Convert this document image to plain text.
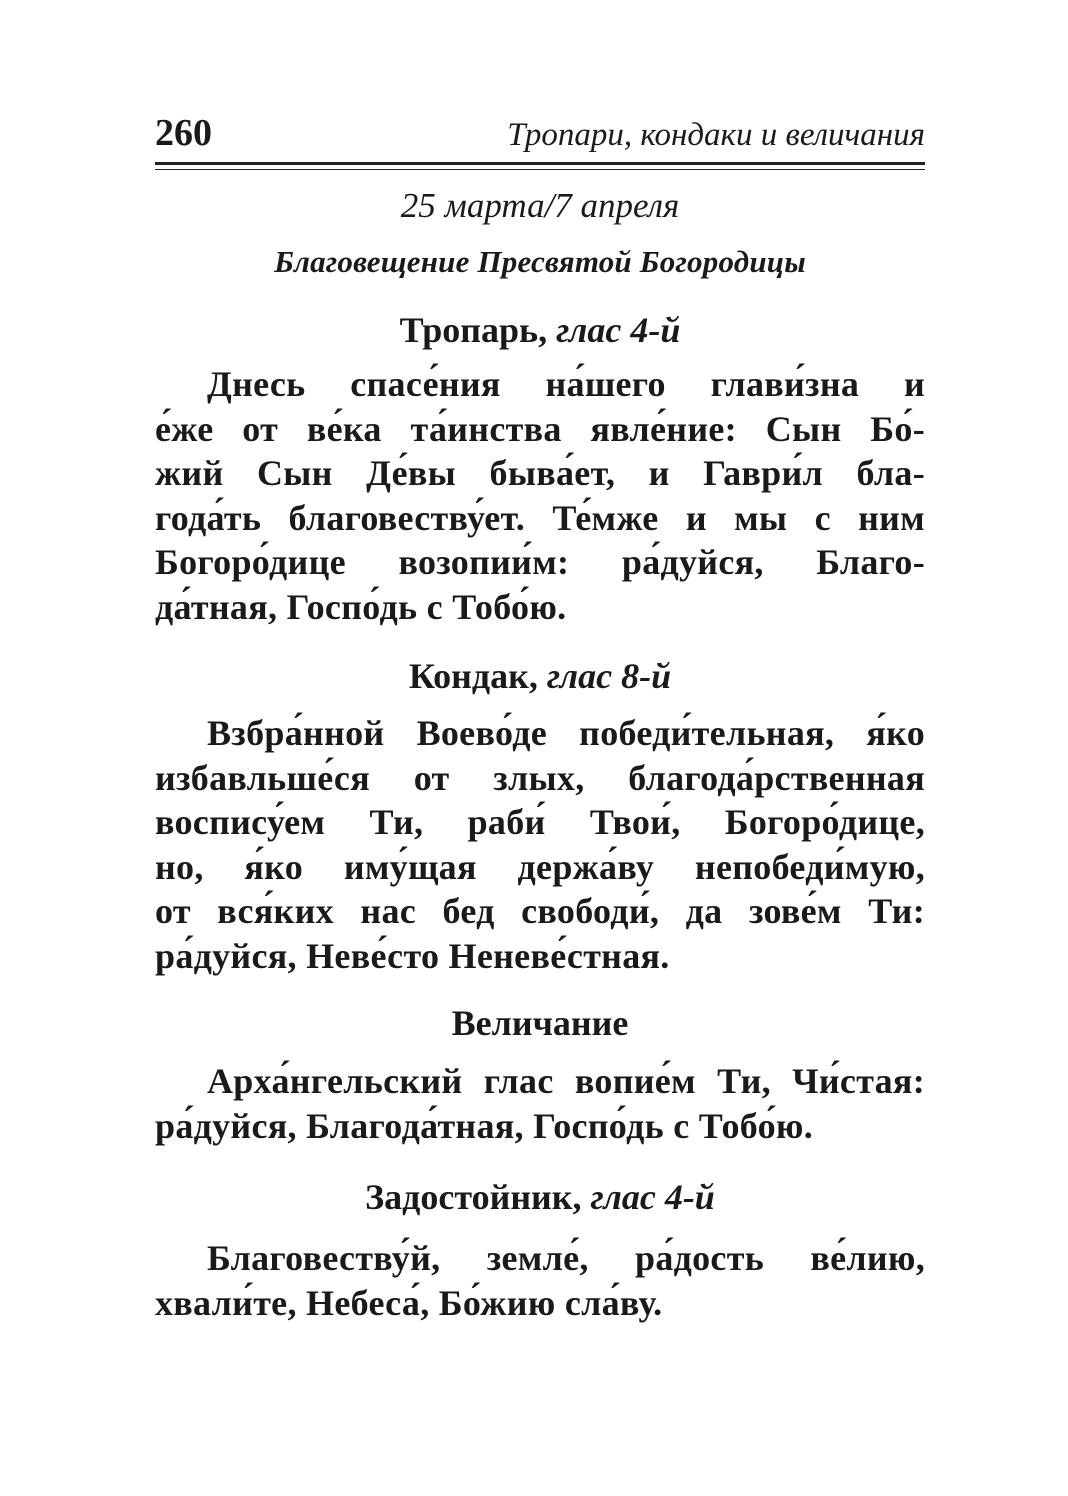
260	Тропари, кондаки и величания
25 марта/7 апреля
Благовещение Пресвятой Богородицы
Тропарь, глас 4-й
Днесь спасе́ния на́шего глави́зна и
е́же от ве́ка та́инства явле́ние: Сын Бо́-
жий Сын Де́вы быва́ет, и Гаври́л бла-
года́ть благовеству́ет. Те́мже и мы с ним
Богоро́дице возопии́м: ра́дуйся, Благо-
да́тная, Госпо́дь с Тобо́ю.
Кондак, глас 8-й
Взбра́нной Воево́де победи́тельная, я́ко
избавльше́ся от злых, благода́рственная
воспису́ем Ти, раби́ Твои́, Богоро́дице,
но, я́ко иму́щая держа́ву непобеди́мую,
от вся́ких нас бед свободи́, да зове́м Ти:
ра́дуйся, Неве́сто Неневе́стная.
Величание
Арха́нгельский глас вопие́м Ти, Чи́стая:
ра́дуйся, Благода́тная, Госпо́дь с Тобо́ю.
Задостойник, глас 4-й
Благовеству́й, земле́, ра́дость ве́лию,
хвали́те, Небеса́, Бо́жию сла́ву.
